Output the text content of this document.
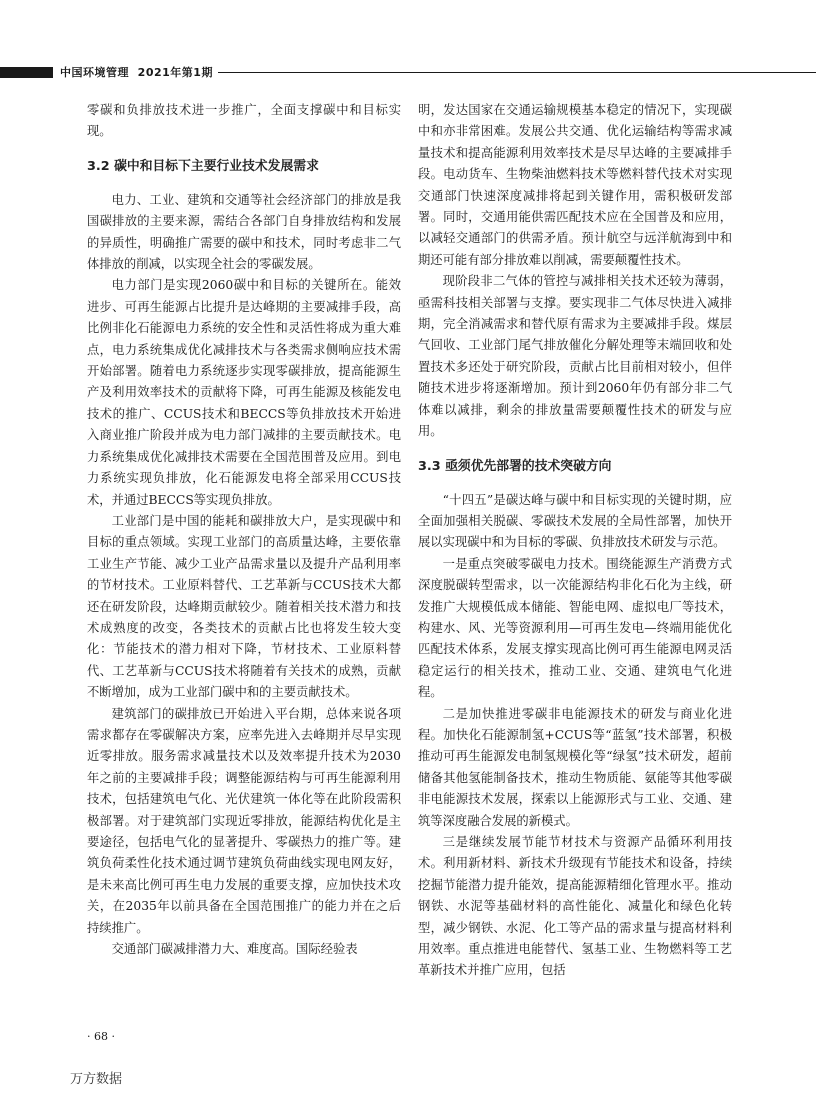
中国环境管理 2021年第1期

零碳和负排放技术进一步推广，全面支撑碳中和目标实现。

3.2 碳中和目标下主要行业技术发展需求

电力、工业、建筑和交通等社会经济部门的排放是我国碳排放的主要来源，需结合各部门自身排放结构和发展的异质性，明确推广需要的碳中和技术，同时考虑非二气体排放的削减，以实现全社会的零碳发展。

电力部门是实现2060碳中和目标的关键所在。能效进步、可再生能源占比提升是达峰期的主要减排手段，高比例非化石能源电力系统的安全性和灵活性将成为重大难点，电力系统集成优化减排技术与各类需求侧响应技术需开始部署。随着电力系统逐步实现零碳排放，提高能源生产及利用效率技术的贡献将下降，可再生能源及核能发电技术的推广、CCUS技术和BECCS等负排放技术开始进入商业推广阶段并成为电力部门减排的主要贡献技术。电力系统集成优化减排技术需要在全国范围普及应用。到电力系统实现负排放，化石能源发电将全部采用CCUS技术，并通过BECCS等实现负排放。

工业部门是中国的能耗和碳排放大户，是实现碳中和目标的重点领域。实现工业部门的高质量达峰，主要依靠工业生产节能、减少工业产品需求量以及提升产品利用率的节材技术。工业原料替代、工艺革新与CCUS技术大都还在研发阶段，达峰期贡献较少。随着相关技术潜力和技术成熟度的改变，各类技术的贡献占比也将发生较大变化：节能技术的潜力相对下降，节材技术、工业原料替代、工艺革新与CCUS技术将随着有关技术的成熟，贡献不断增加，成为工业部门碳中和的主要贡献技术。

建筑部门的碳排放已开始进入平台期，总体来说各项需求都存在零碳解决方案，应率先进入去峰期并尽早实现近零排放。服务需求减量技术以及效率提升技术为2030年之前的主要减排手段；调整能源结构与可再生能源利用技术，包括建筑电气化、光伏建筑一体化等在此阶段需积极部署。对于建筑部门实现近零排放，能源结构优化是主要途径，包括电气化的显著提升、零碳热力的推广等。建筑负荷柔性化技术通过调节建筑负荷曲线实现电网友好，是未来高比例可再生电力发展的重要支撑，应加快技术攻关，在2035年以前具备在全国范围推广的能力并在之后持续推广。

交通部门碳减排潜力大、难度高。国际经验表

明，发达国家在交通运输规模基本稳定的情况下，实现碳中和亦非常困难。发展公共交通、优化运输结构等需求减量技术和提高能源利用效率技术是尽早达峰的主要减排手段。电动货车、生物柴油燃料技术等燃料替代技术对实现交通部门快速深度减排将起到关键作用，需积极研发部署。同时，交通用能供需匹配技术应在全国普及和应用，以减轻交通部门的供需矛盾。预计航空与远洋航海到中和期还可能有部分排放难以削减，需要颠覆性技术。

现阶段非二气体的管控与减排相关技术还较为薄弱，亟需科技相关部署与支撑。要实现非二气体尽快进入减排期，完全消减需求和替代原有需求为主要减排手段。煤层气回收、工业部门尾气排放催化分解处理等末端回收和处置技术多还处于研究阶段，贡献占比目前相对较小，但伴随技术进步将逐渐增加。预计到2060年仍有部分非二气体难以减排，剩余的排放量需要颠覆性技术的研发与应用。

3.3 亟须优先部署的技术突破方向

“十四五”是碳达峰与碳中和目标实现的关键时期，应全面加强相关脱碳、零碳技术发展的全局性部署，加快开展以实现碳中和为目标的零碳、负排放技术研发与示范。

一是重点突破零碳电力技术。围绕能源生产消费方式深度脱碳转型需求，以一次能源结构非化石化为主线，研发推广大规模低成本储能、智能电网、虚拟电厂等技术，构建水、风、光等资源利用—可再生发电—终端用能优化匹配技术体系，发展支撑实现高比例可再生能源电网灵活稳定运行的相关技术，推动工业、交通、建筑电气化进程。

二是加快推进零碳非电能源技术的研发与商业化进程。加快化石能源制氢+CCUS等“蓝氢”技术部署，积极推动可再生能源发电制氢规模化等“绿氢”技术研发，超前储备其他氢能制备技术，推动生物质能、氨能等其他零碳非电能源技术发展，探索以上能源形式与工业、交通、建筑等深度融合发展的新模式。

三是继续发展节能节材技术与资源产品循环利用技术。利用新材料、新技术升级现有节能技术和设备，持续挖掘节能潜力提升能效，提高能源精细化管理水平。推动钢铁、水泥等基础材料的高性能化、减量化和绿色化转型，减少钢铁、水泥、化工等产品的需求量与提高材料利用效率。重点推进电能替代、氢基工业、生物燃料等工艺革新技术并推广应用，包括

· 68 ·
万方数据
